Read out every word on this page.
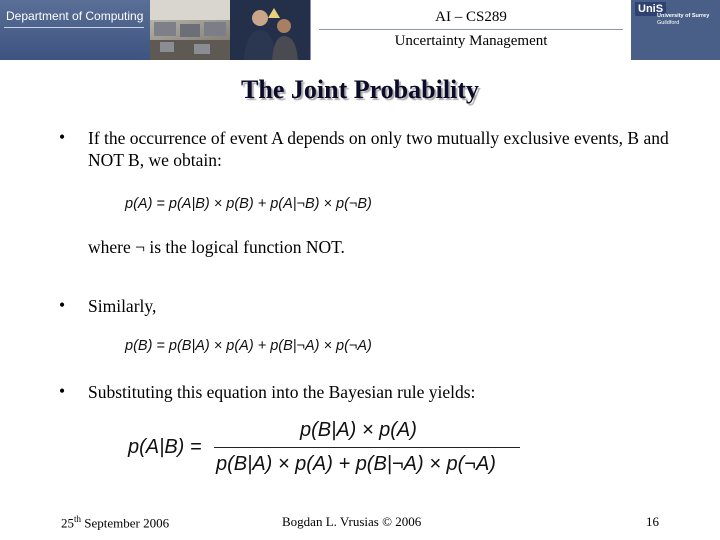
Department of Computing	AI – CS289
Uncertainty Management
UniS
University of Surrey
Guildford
The Joint Probability
• If the occurrence of event A depends on only two mutually exclusive events, B and NOT B, we obtain:
p(A) = p(A|B) × p(B) + p(A|¬B) × p(¬B)
where ¬ is the logical function NOT.
• Similarly,
p(B) = p(B|A) × p(A) + p(B|¬A) × p(¬A)
• Substituting this equation into the Bayesian rule yields:
p(A|B) =
p(B|A) × p(A)
p(B|A) × p(A) + p(B|¬A) × p(¬A)
25th September 2006	Bogdan L. Vrusias © 2006	16
